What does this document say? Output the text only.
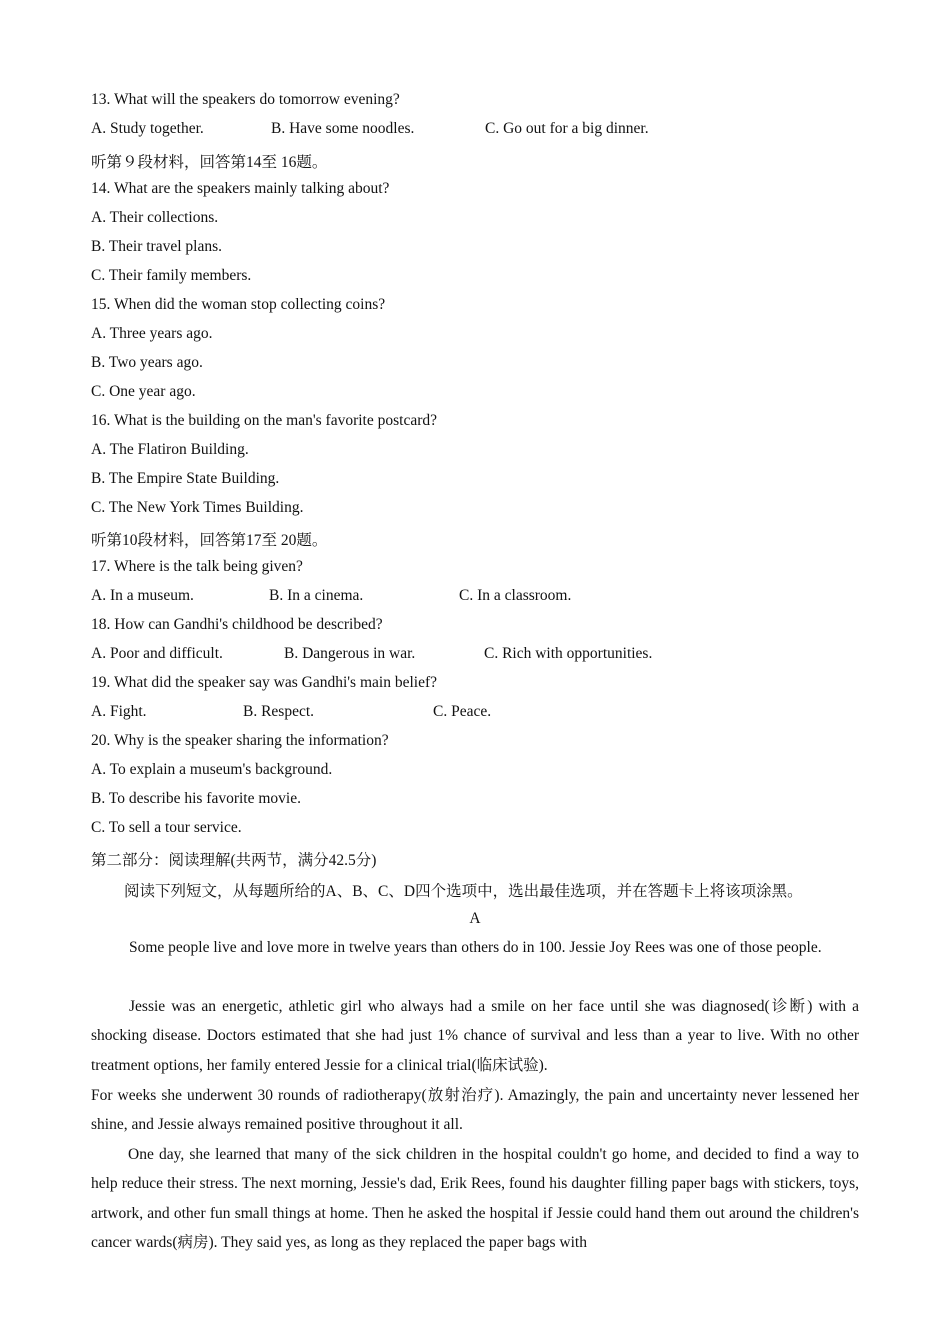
13. What will the speakers do tomorrow evening?
A. Study together.	B. Have some noodles.	C. Go out for a big dinner.
听第９段材料，回答第14至 16题。
14. What are the speakers mainly talking about?
A. Their collections.
B. Their travel plans.
C. Their family members.
15. When did the woman stop collecting coins?
A. Three years ago.
B. Two years ago.
C. One year ago.
16. What is the building on the man's favorite postcard?
A. The Flatiron Building.
B. The Empire State Building.
C. The New York Times Building.
听第10段材料，回答第17至 20题。
17. Where is the talk being given?
A. In a museum.	B. In a cinema.	C. In a classroom.
18. How can Gandhi's childhood be described?
A. Poor and difficult.	B. Dangerous in war.	C. Rich with opportunities.
19. What did the speaker say was Gandhi's main belief?
A. Fight.	B. Respect.	C. Peace.
20. Why is the speaker sharing the information?
A. To explain a museum's background.
B. To describe his favorite movie.
C. To sell a tour service.
第二部分：阅读理解(共两节，满分42.5分)
阅读下列短文，从每题所给的A、B、C、D四个选项中，选出最佳选项，并在答题卡上将该项涂黑。
A
Some people live and love more in twelve years than others do in 100. Jessie Joy Rees was one of those people.
Jessie was an energetic, athletic girl who always had a smile on her face until she was diagnosed(诊断) with a shocking disease. Doctors estimated that she had just 1% chance of survival and less than a year to live. With no other treatment options, her family entered Jessie for a clinical trial(临床试验).
For weeks she underwent 30 rounds of radiotherapy(放射治疗). Amazingly, the pain and uncertainty never lessened her shine, and Jessie always remained positive throughout it all.
One day, she learned that many of the sick children in the hospital couldn't go home, and decided to find a way to help reduce their stress. The next morning, Jessie's dad, Erik Rees, found his daughter filling paper bags with stickers, toys, artwork, and other fun small things at home. Then he asked the hospital if Jessie could hand them out around the children's cancer wards(病房). They said yes, as long as they replaced the paper bags with
